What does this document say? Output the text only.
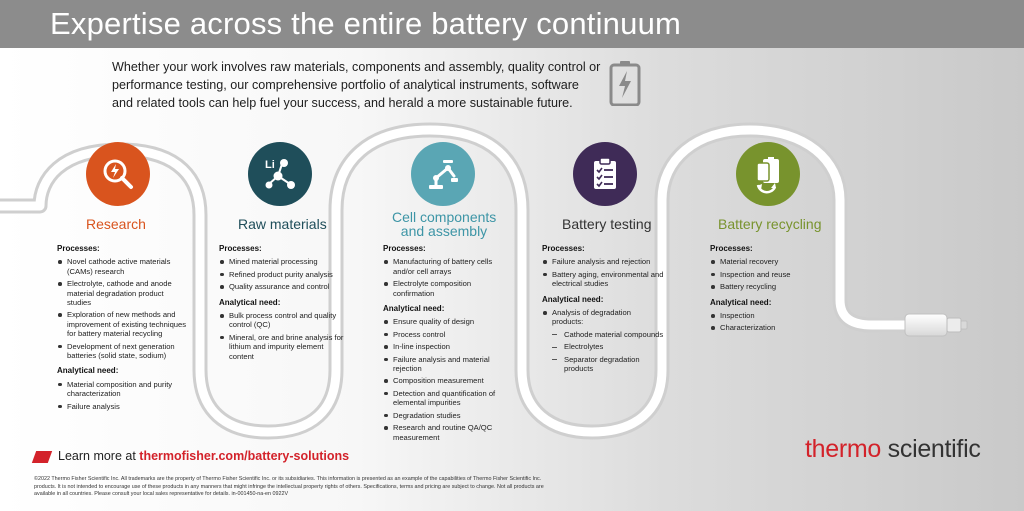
Expertise across the entire battery continuum

Whether your work involves raw materials, components and assembly, quality control or performance testing, our comprehensive portfolio of analytical instruments, software and related tools can help fuel your success, and herald a more sustainable future.

Research
Processes:
Novel cathode active materials (CAMs) research
Electrolyte, cathode and anode material degradation product studies
Exploration of new methods and improvement of existing techniques for battery material recycling
Development of next generation batteries (solid state, sodium)
Analytical need:
Material composition and purity characterization
Failure analysis
Li
Raw materials
Processes:
Mined material processing
Refined product purity analysis
Quality assurance and control
Analytical need:
Bulk process control and quality control (QC)
Mineral, ore and brine analysis for lithium and impurity element content
Cell components
and assembly
Processes:
Manufacturing of battery cells and/or cell arrays
Electrolyte composition confirmation
Analytical need:
Ensure quality of design
Process control
In-line inspection
Failure analysis and material rejection
Composition measurement
Detection and quantification of elemental impurities
Degradation studies
Research and routine QA/QC measurement
Battery testing
Processes:
Failure analysis and rejection
Battery aging, environmental and electrical studies
Analytical need:
Analysis of degradation products:
Cathode material compounds
Electrolytes
Separator degradation products
Battery recycling
Processes:
Material recovery
Inspection and reuse
Battery recycling
Analytical need:
Inspection
Characterization
Learn more at thermofisher.com/battery-solutions

©2022 Thermo Fisher Scientific Inc. All trademarks are the property of Thermo Fisher Scientific Inc. or its subsidiaries. This information is presented as an example of the capabilities of Thermo Fisher Scientific Inc. products. It is not intended to encourage use of these products in any manners that might infringe the intellectual property rights of others. Specifications, terms and pricing are subject to change. Not all products are available in all countries. Please consult your local sales representative for details. in-001450-na-en 0922V

thermo scientific
